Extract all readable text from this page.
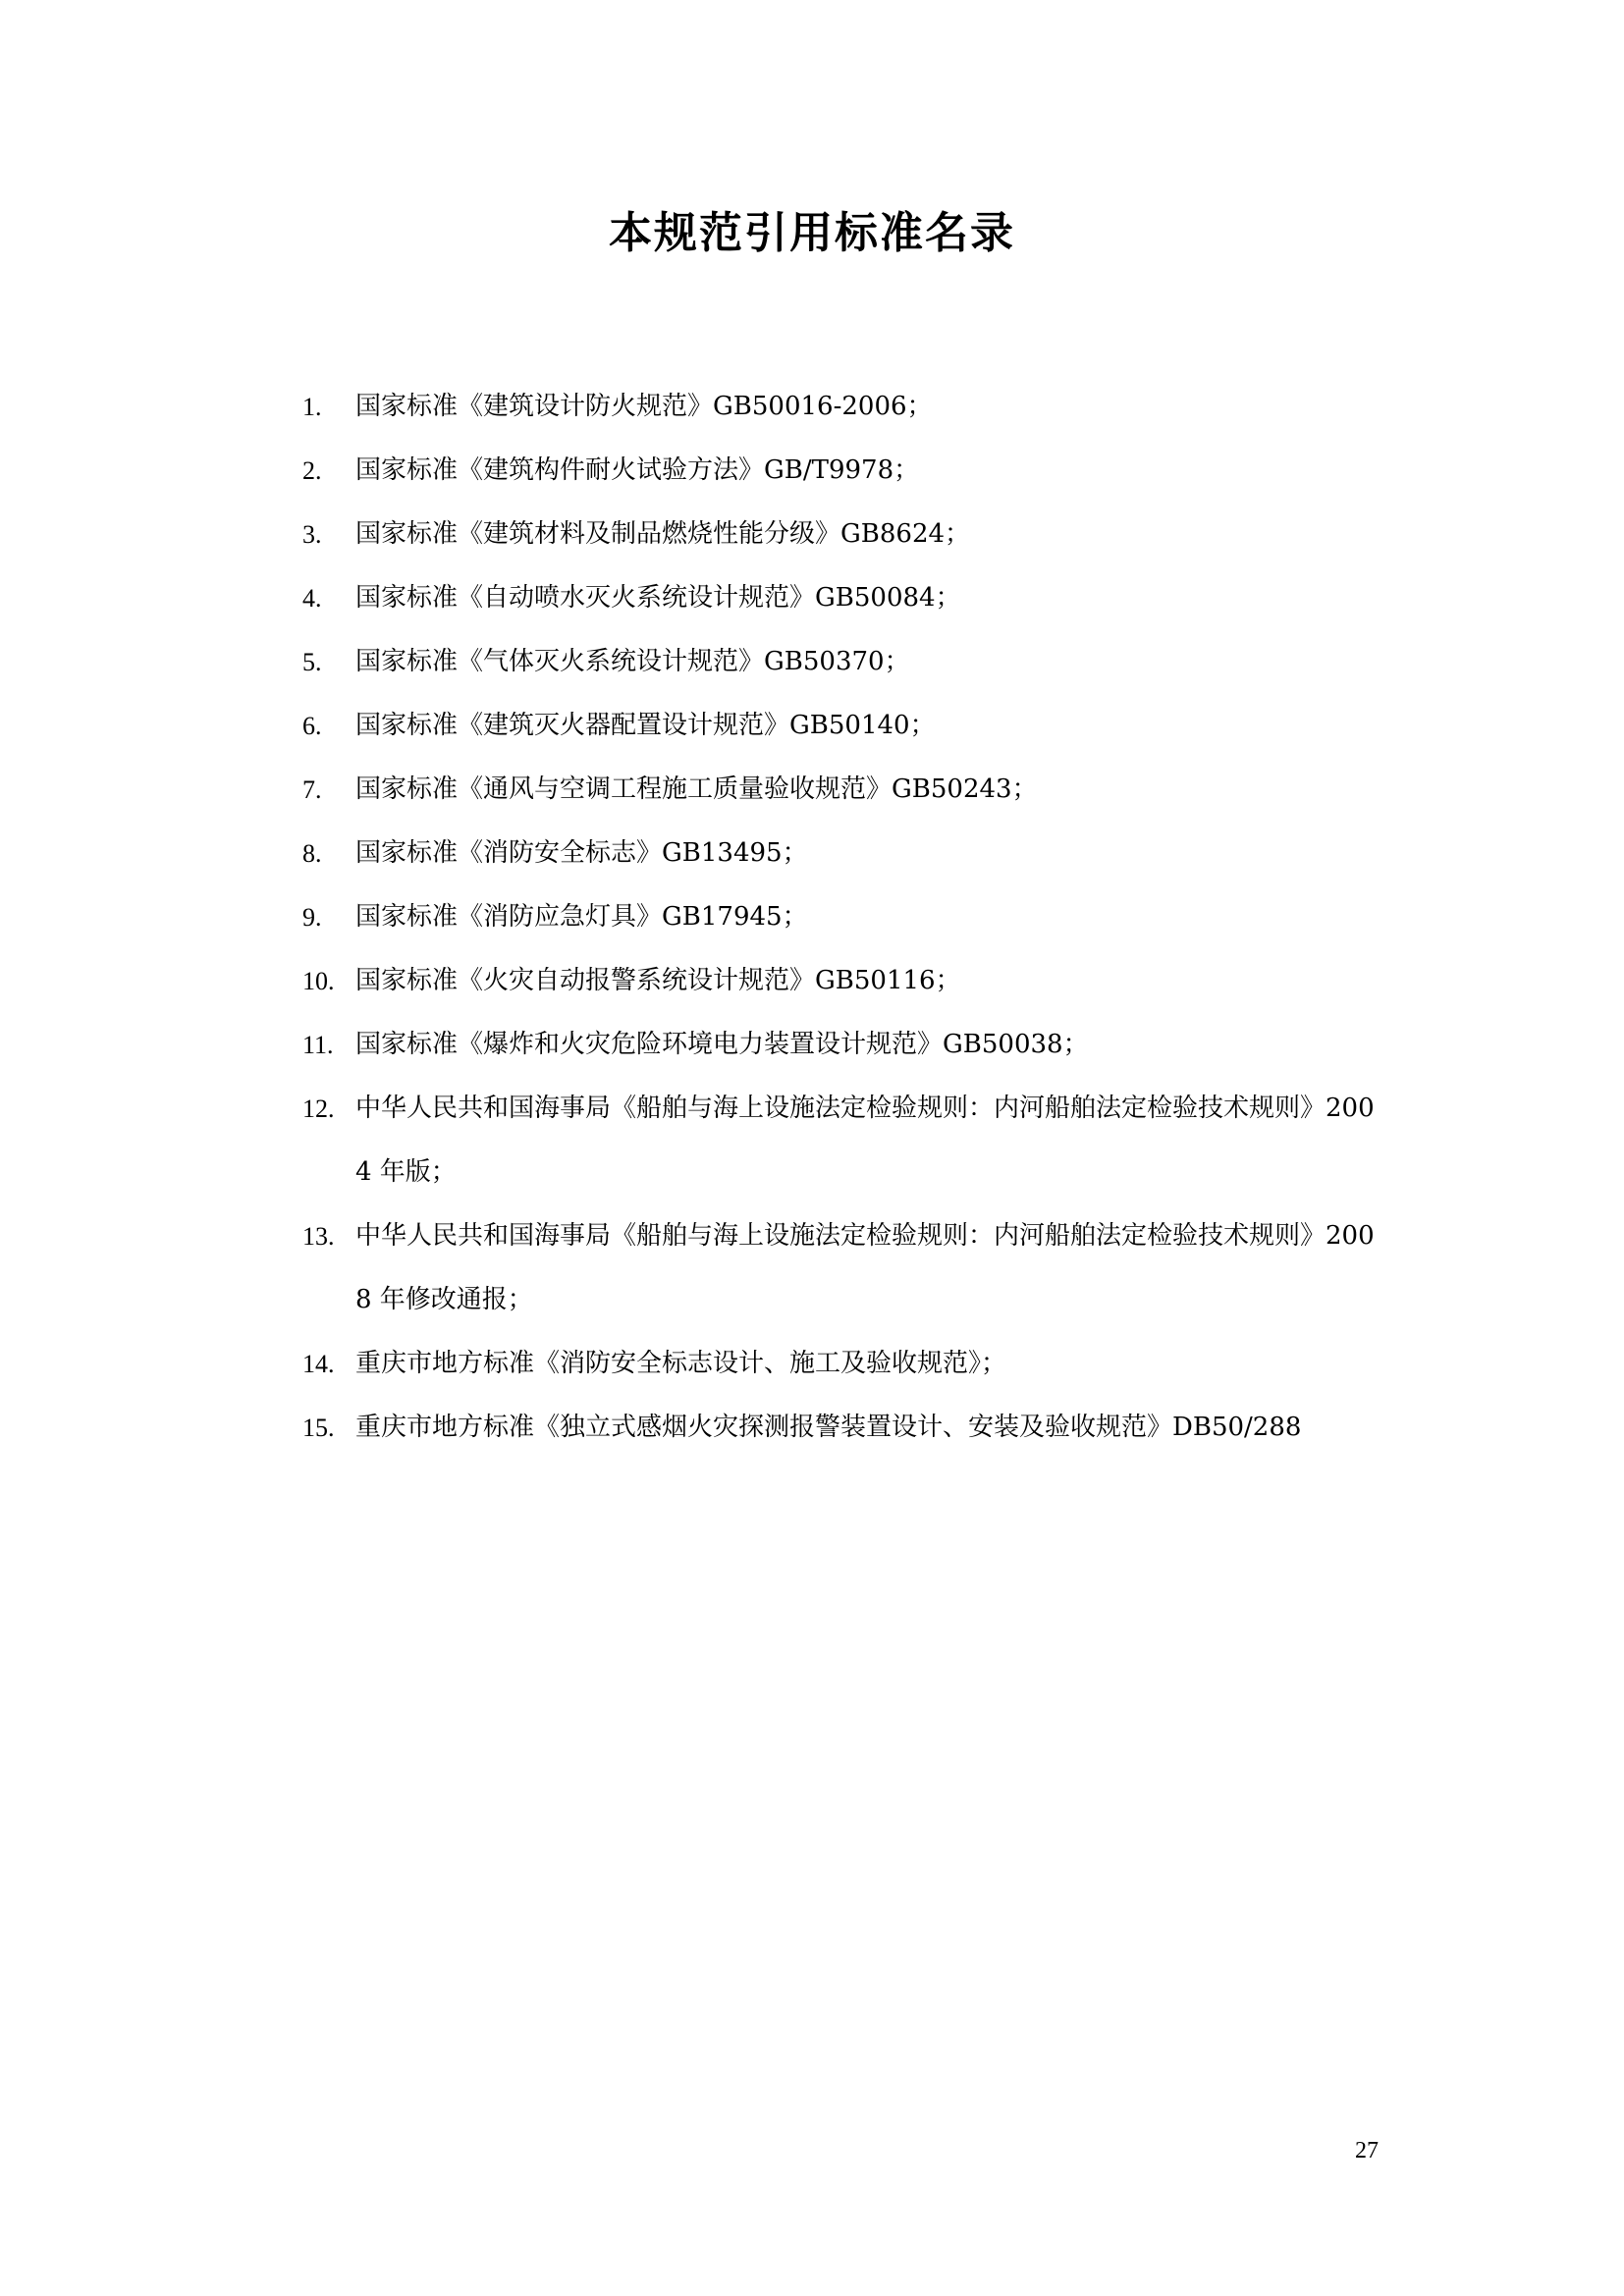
本规范引用标准名录
1. 国家标准《建筑设计防火规范》GB50016-2006；
2. 国家标准《建筑构件耐火试验方法》GB/T9978；
3. 国家标准《建筑材料及制品燃烧性能分级》GB8624；
4. 国家标准《自动喷水灭火系统设计规范》GB50084；
5. 国家标准《气体灭火系统设计规范》GB50370；
6. 国家标准《建筑灭火器配置设计规范》GB50140；
7. 国家标准《通风与空调工程施工质量验收规范》GB50243；
8. 国家标准《消防安全标志》GB13495；
9. 国家标准《消防应急灯具》GB17945；
10. 国家标准《火灾自动报警系统设计规范》GB50116；
11. 国家标准《爆炸和火灾危险环境电力装置设计规范》GB50038；
12. 中华人民共和国海事局《船舶与海上设施法定检验规则：内河船舶法定检验技术规则》2004 年版；
13. 中华人民共和国海事局《船舶与海上设施法定检验规则：内河船舶法定检验技术规则》2008 年修改通报；
14. 重庆市地方标准《消防安全标志设计、施工及验收规范》；
15. 重庆市地方标准《独立式感烟火灾探测报警装置设计、安装及验收规范》DB50/288
27
